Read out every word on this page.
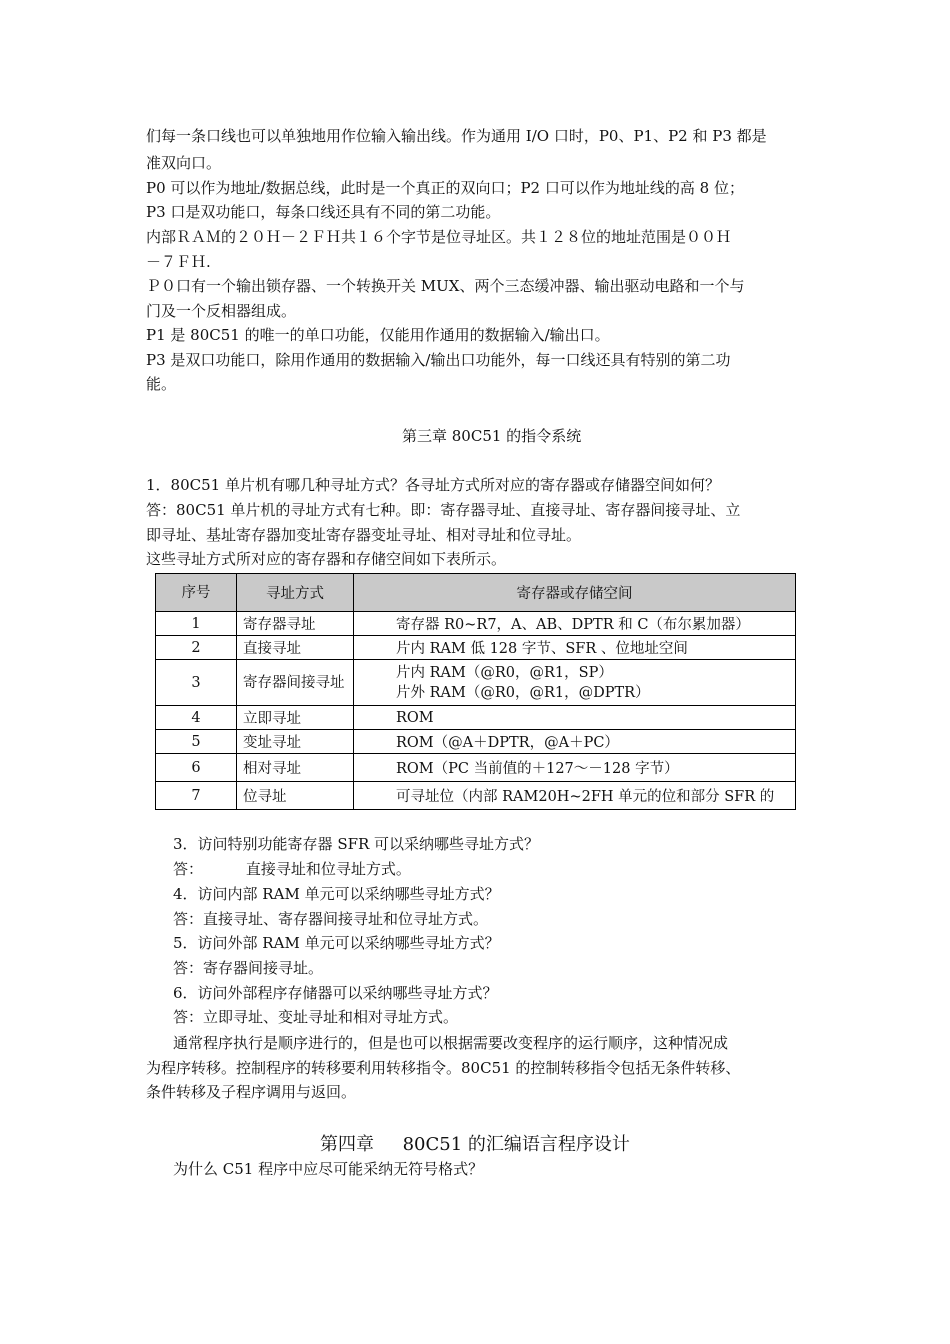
们每一条口线也可以单独地用作位输入输出线。作为通用 I/O 口时，P0、P1、P2 和 P3 都是
准双向口。
P0 可以作为地址/数据总线，此时是一个真正的双向口；P2 口可以作为地址线的高 8 位；
P3 口是双功能口，每条口线还具有不同的第二功能。
内部ＲＡＭ的２０Ｈ－２ＦＨ共１６个字节是位寻址区。共１２８位的地址范围是００Ｈ
－７ＦＨ.
Ｐ０口有一个输出锁存器、一个转换开关 MUX、两个三态缓冲器、输出驱动电路和一个与
门及一个反相器组成。
P1 是 80C51 的唯一的单口功能，仅能用作通用的数据输入/输出口。
P3 是双口功能口，除用作通用的数据输入/输出口功能外，每一口线还具有特别的第二功
能。
第三章 80C51 的指令系统
1．80C51 单片机有哪几种寻址方式？各寻址方式所对应的寄存器或存储器空间如何？
答：80C51 单片机的寻址方式有七种。即：寄存器寻址、直接寻址、寄存器间接寻址、立
即寻址、基址寄存器加变址寄存器变址寻址、相对寻址和位寻址。
这些寻址方式所对应的寄存器和存储空间如下表所示。
序号	寻址方式	寄存器或存储空间
1	寄存器寻址	寄存器 R0~R7，A、AB、DPTR 和 C（布尔累加器）
2	直接寻址	片内 RAM 低 128 字节、SFR 、位地址空间
3	寄存器间接寻址	片内 RAM（@R0，@R1，SP）
片外 RAM（@R0，@R1，@DPTR）

4	立即寻址	ROM
5	变址寻址	ROM（@A＋DPTR，@A＋PC）
6	相对寻址	ROM（PC 当前值的＋127～－128 字节）
7	位寻址	可寻址位（内部 RAM20H~2FH 单元的位和部分 SFR 的
3．访问特别功能寄存器 SFR 可以采纳哪些寻址方式？
答：         直接寻址和位寻址方式。
4．访问内部 RAM 单元可以采纳哪些寻址方式？
答：直接寻址、寄存器间接寻址和位寻址方式。
5．访问外部 RAM 单元可以采纳哪些寻址方式？
答：寄存器间接寻址。
6．访问外部程序存储器可以采纳哪些寻址方式？
答：立即寻址、变址寻址和相对寻址方式。
通常程序执行是顺序进行的，但是也可以根据需要改变程序的运行顺序，这种情况成
为程序转移。控制程序的转移要利用转移指令。80C51 的控制转移指令包括无条件转移、
条件转移及子程序调用与返回。
第四章     80C51 的汇编语言程序设计
为什么 C51 程序中应尽可能采纳无符号格式？
